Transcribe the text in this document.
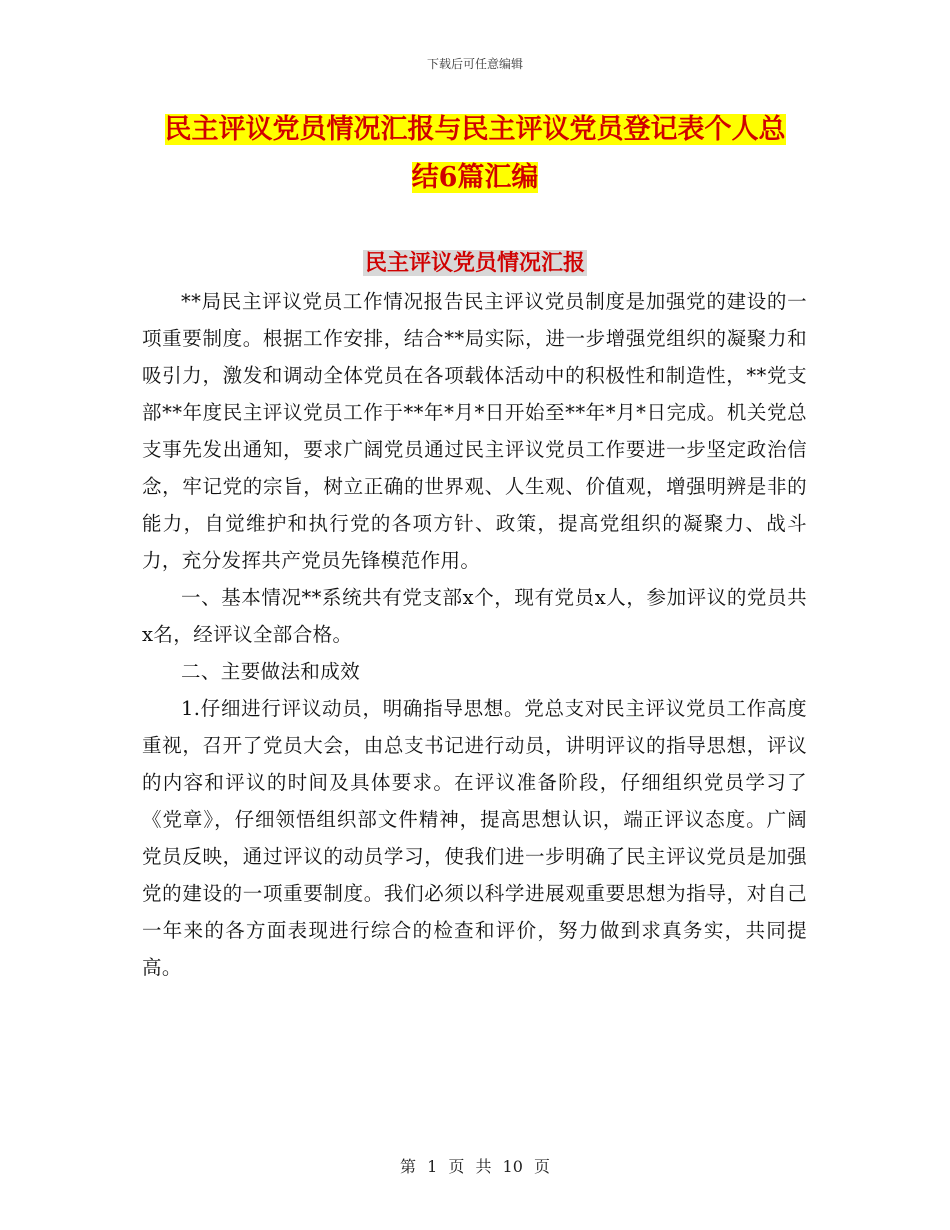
下载后可任意编辑
民主评议党员情况汇报与民主评议党员登记表个人总
结6篇汇编
民主评议党员情况汇报

**局民主评议党员工作情况报告民主评议党员制度是加强党的建设的一项重要制度。根据工作安排，结合**局实际，进一步增强党组织的凝聚力和吸引力，激发和调动全体党员在各项载体活动中的积极性和制造性，**党支部**年度民主评议党员工作于**年*月*日开始至**年*月*日完成。机关党总支事先发出通知，要求广阔党员通过民主评议党员工作要进一步坚定政治信念，牢记党的宗旨，树立正确的世界观、人生观、价值观，增强明辨是非的能力，自觉维护和执行党的各项方针、政策，提高党组织的凝聚力、战斗力，充分发挥共产党员先锋模范作用。

一、基本情况**系统共有党支部x个，现有党员x人，参加评议的党员共x名，经评议全部合格。

二、主要做法和成效

1.仔细进行评议动员，明确指导思想。党总支对民主评议党员工作高度重视，召开了党员大会，由总支书记进行动员，讲明评议的指导思想，评议的内容和评议的时间及具体要求。在评议准备阶段，仔细组织党员学习了《党章》，仔细领悟组织部文件精神，提高思想认识，端正评议态度。广阔党员反映，通过评议的动员学习，使我们进一步明确了民主评议党员是加强党的建设的一项重要制度。我们必须以科学进展观重要思想为指导，对自己一年来的各方面表现进行综合的检查和评价，努力做到求真务实，共同提高。

第 1 页 共 10 页
